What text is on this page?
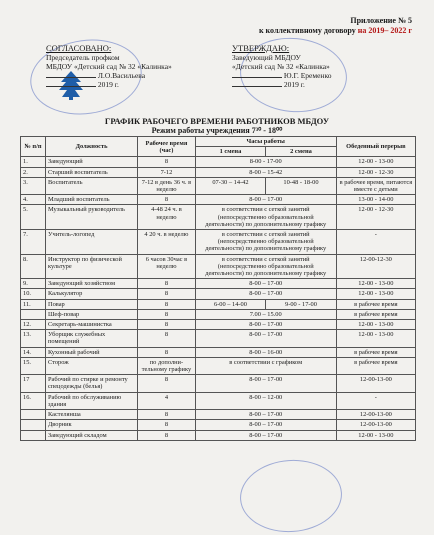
Приложение № 5
к коллективному договору на 2019– 2022 г
СОГЛАСОВАНО:
Председатель профком
МБДОУ «Детский сад № 32 «Калинка»
Л.О.Васильева
2019 г.
УТВЕРЖДАЮ:
Заведующий МБДОУ
«Детский сад № 32 «Калинка»
Ю.Г. Еременко
2019 г.
ГРАФИК РАБОЧЕГО ВРЕМЕНИ РАБОТНИКОВ МБДОУ
Режим работы учреждения 7³⁰ - 18⁰⁰
№ п/п	Должность	Рабочее время (час)	Часы работы		Обеденный перерыв
			1 смена	2 смена	
1.	Заведующий	8	8-00 - 17-00		12-00 - 13-00
2.	Старший воспитатель	7-12	8-00 – 15-42		12-00 - 12-30
3.	Воспитатель	7-12 в день 36 ч. в неделю	07-30 – 14-42	10-48 - 18-00	в рабочее время, питаются вместе с детьми
4.	Младший воспитатель	8	8-00 – 17-00		13-00 - 14-00
5.	Музыкальный руководитель	4-48 24 ч. в неделю	в соответствии с сеткой занятий (непосредственно образовательной деятельности) по дополнительному графику		12-00 - 12-30
7.	Учитель-логопед	4 20 ч. в неделю	в соответствии с сеткой занятий (непосредственно образовательной деятельности) по дополнительному графику		-
8.	Инструктор по физической культуре	6 часов 30час в неделю	в соответствии с сеткой занятий (непосредственно образовательной деятельности) по дополнительному графику		12-00-12-30
9.	Заведующий хозяйством	8	8-00 – 17-00		12-00 - 13-00
10.	Калькулятор	8	8-00 – 17-00		12-00 - 13-00
11.	Повар	8	6-00 – 14-00	9-00 - 17-00	в рабочее время
	Шеф-повар	8	7.00 – 15.00		в рабочее время
12.	Секретарь-машинистка	8	8-00 – 17-00		12-00 - 13-00
13.	Уборщик служебных помещений	8	8-00 – 17-00		12-00 - 13-00
14.	Кухонный рабочий	8	8-00 – 16-00		в рабочее время
15.	Сторож	по дополни-тельному графику	в соответствии с графиком		в рабочее время
17	Рабочий по стирке и ремонту спецодежды (белья)	8	8-00 – 17-00		12-00-13-00
16.	Рабочий по обслуживанию здания	4	8-00 – 12-00		-
	Кастелянша	8	8-00 – 17-00		12-00-13-00
	Дворник	8	8-00 – 17-00		12-00-13-00
	Заведующий складом	8	8-00 – 17-00		12-00 - 13-00
